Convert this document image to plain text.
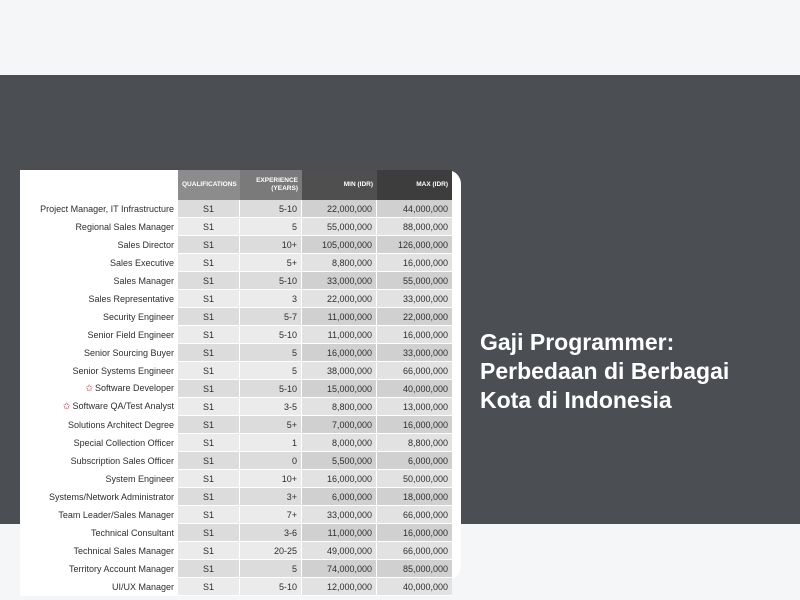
	QUALIFICATIONS	EXPERIENCE (YEARS)	MIN (IDR)	MAX (IDR)
Project Manager, IT Infrastructure	S1	5-10	22,000,000	44,000,000
Regional Sales Manager	S1	5	55,000,000	88,000,000
Sales Director	S1	10+	105,000,000	126,000,000
Sales Executive	S1	5+	8,800,000	16,000,000
Sales Manager	S1	5-10	33,000,000	55,000,000
Sales Representative	S1	3	22,000,000	33,000,000
Security Engineer	S1	5-7	11,000,000	22,000,000
Senior Field Engineer	S1	5-10	11,000,000	16,000,000
Senior Sourcing Buyer	S1	5	16,000,000	33,000,000
Senior Systems Engineer	S1	5	38,000,000	66,000,000
✩ Software Developer	S1	5-10	15,000,000	40,000,000
✩ Software QA/Test Analyst	S1	3-5	8,800,000	13,000,000
Solutions Architect Degree	S1	5+	7,000,000	16,000,000
Special Collection Officer	S1	1	8,000,000	8,800,000
Subscription Sales Officer	S1	0	5,500,000	6,000,000
System Engineer	S1	10+	16,000,000	50,000,000
Systems/Network Administrator	S1	3+	6,000,000	18,000,000
Team Leader/Sales Manager	S1	7+	33,000,000	66,000,000
Technical Consultant	S1	3-6	11,000,000	16,000,000
Technical Sales Manager	S1	20-25	49,000,000	66,000,000
Territory Account Manager	S1	5	74,000,000	85,000,000
UI/UX Manager	S1	5-10	12,000,000	40,000,000
Gaji Programmer: Perbedaan di Berbagai Kota di Indonesia
